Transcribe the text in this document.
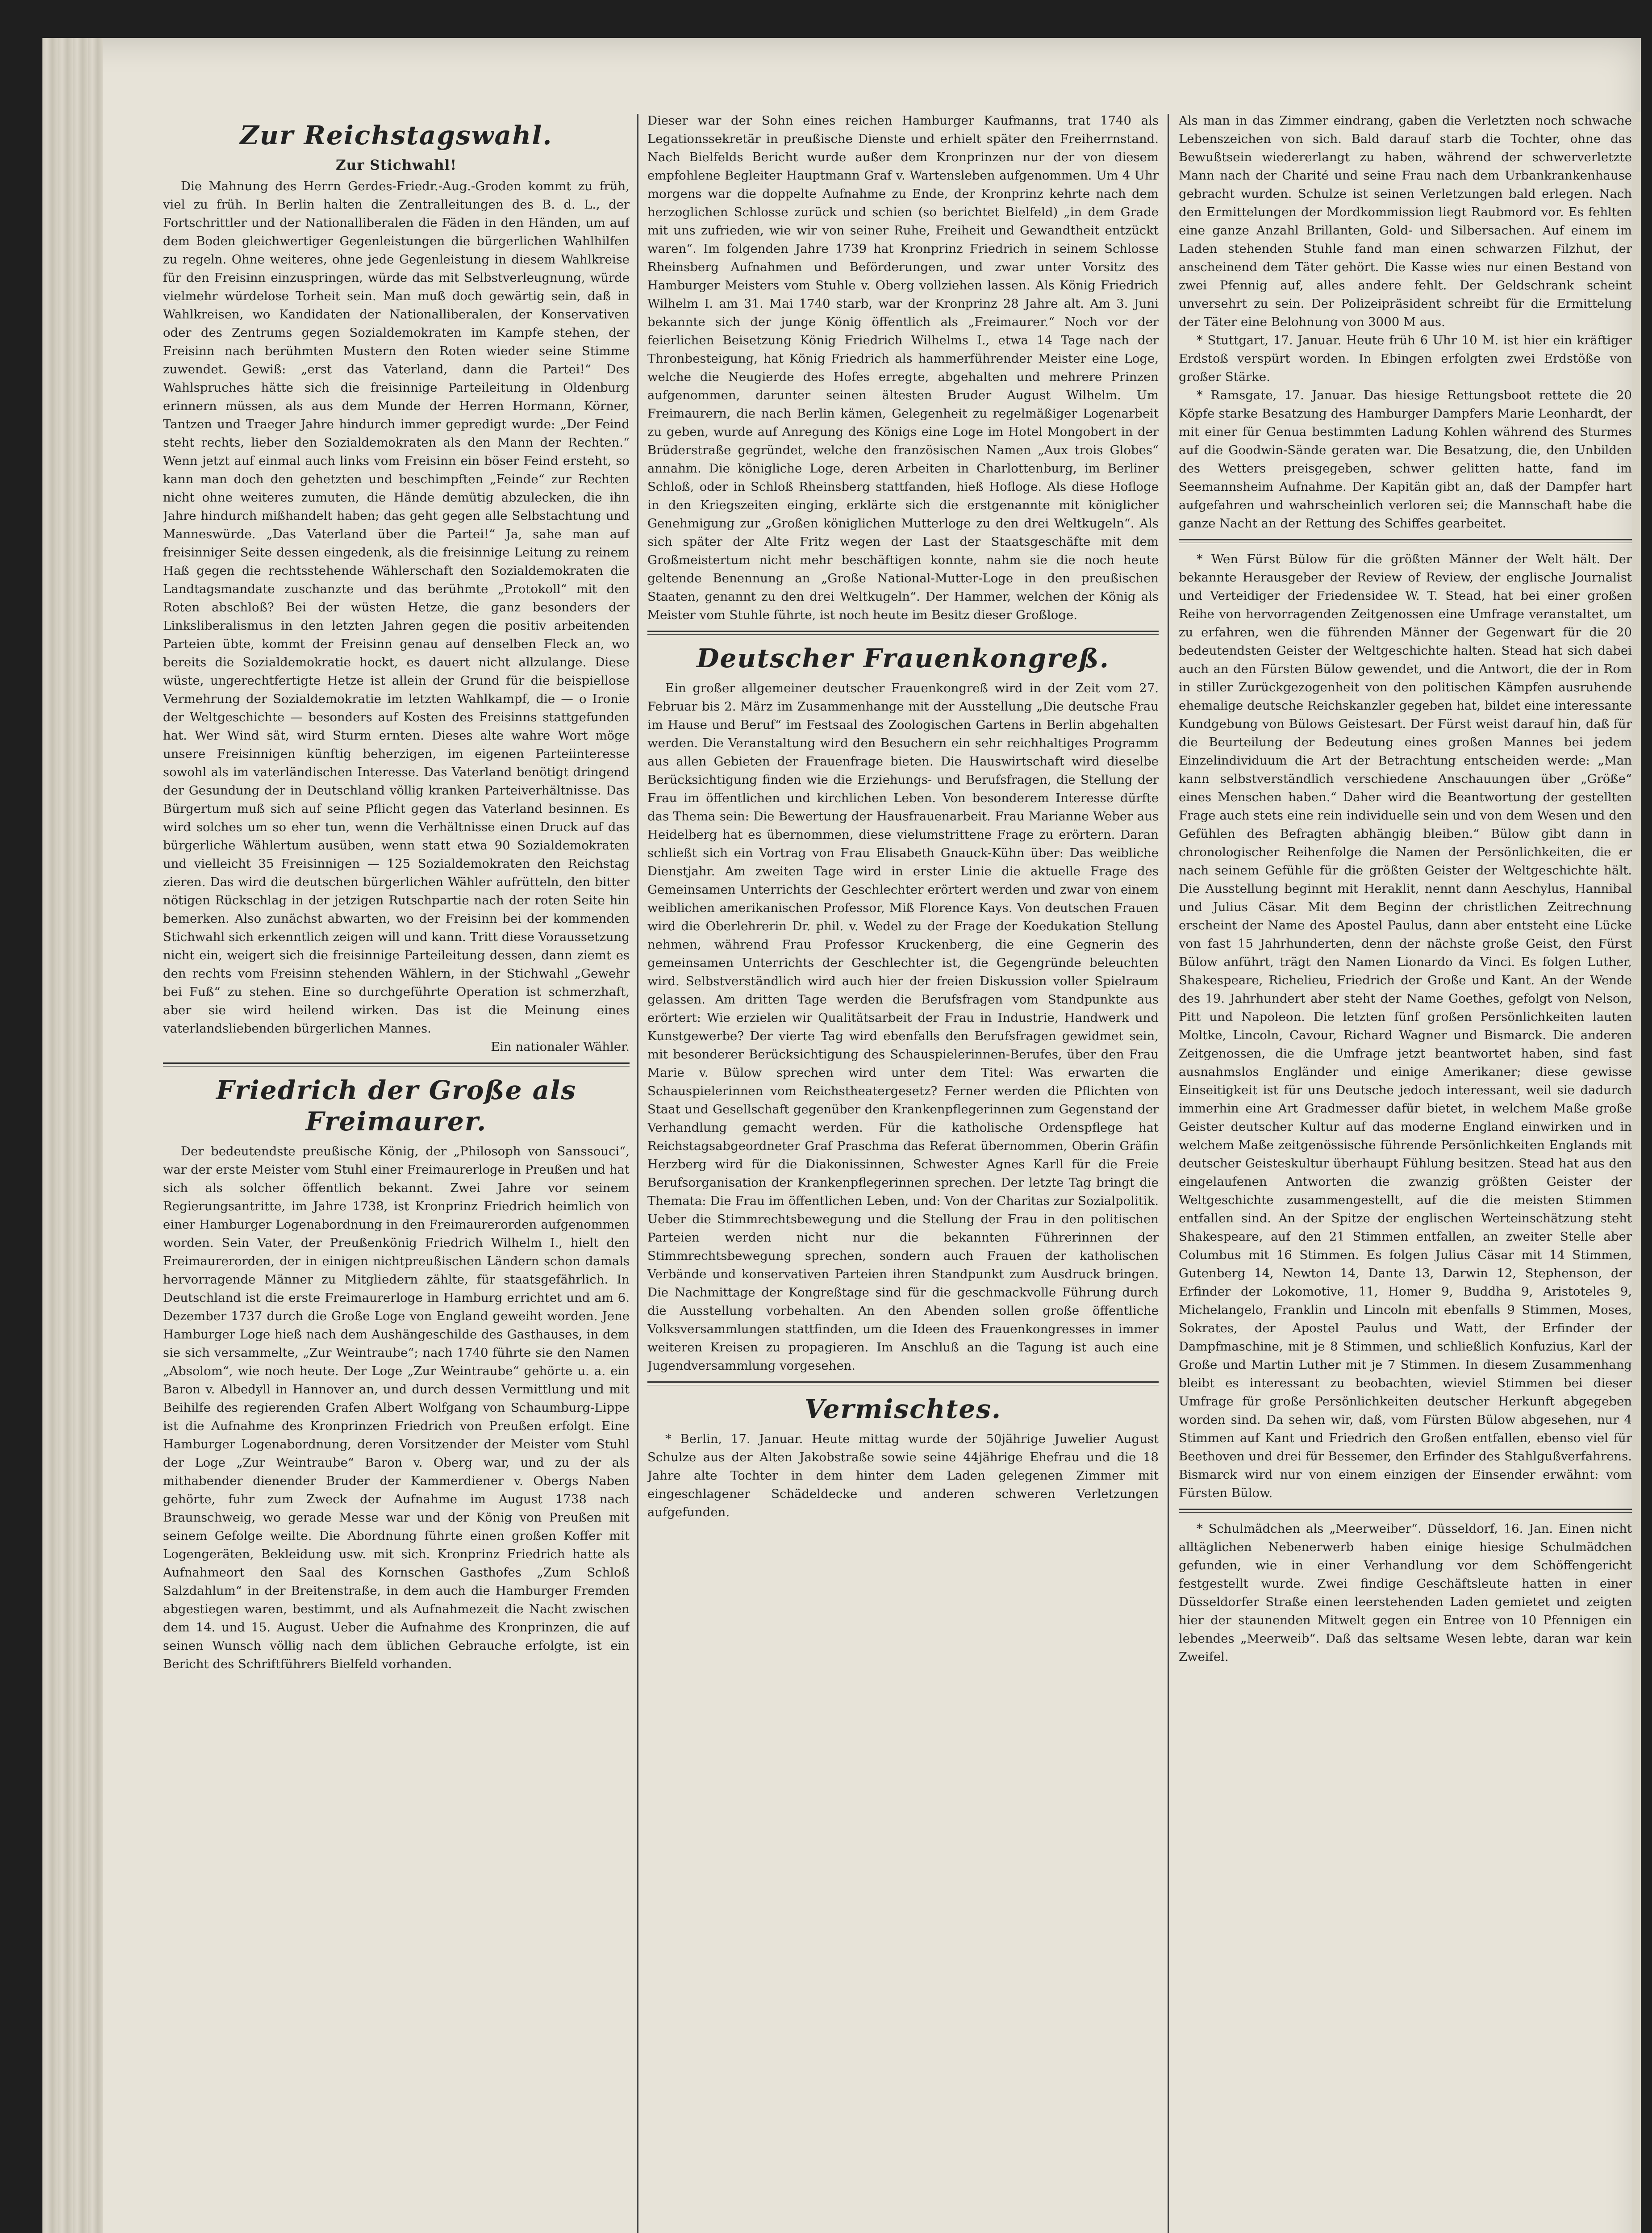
Zur Reichstagswahl.
Zur Stichwahl!

Die Mahnung des Herrn Gerdes-Friedr.-Aug.-Groden kommt zu früh, viel zu früh. In Berlin halten die Zentralleitungen des B. d. L., der Fortschrittler und der Nationalliberalen die Fäden in den Händen, um auf dem Boden gleichwertiger Gegenleistungen die bürgerlichen Wahlhilfen zu regeln. Ohne weiteres, ohne jede Gegenleistung in diesem Wahlkreise für den Freisinn einzuspringen, würde das mit Selbstverleugnung, würde vielmehr würdelose Torheit sein. Man muß doch gewärtig sein, daß in Wahlkreisen, wo Kandidaten der Nationalliberalen, der Konservativen oder des Zentrums gegen Sozialdemokraten im Kampfe stehen, der Freisinn nach berühmten Mustern den Roten wieder seine Stimme zuwendet. Gewiß: „erst das Vaterland, dann die Partei!“ Des Wahlspruches hätte sich die freisinnige Parteileitung in Oldenburg erinnern müssen, als aus dem Munde der Herren Hormann, Körner, Tantzen und Traeger Jahre hindurch immer gepredigt wurde: „Der Feind steht rechts, lieber den Sozialdemokraten als den Mann der Rechten.“ Wenn jetzt auf einmal auch links vom Freisinn ein böser Feind ersteht, so kann man doch den gehetzten und beschimpften „Feinde“ zur Rechten nicht ohne weiteres zumuten, die Hände demütig abzulecken, die ihn Jahre hindurch mißhandelt haben; das geht gegen alle Selbstachtung und Manneswürde. „Das Vaterland über die Partei!“ Ja, sahe man auf freisinniger Seite dessen eingedenk, als die freisinnige Leitung zu reinem Haß gegen die rechtsstehende Wählerschaft den Sozialdemokraten die Landtagsmandate zuschanzte und das berühmte „Protokoll“ mit den Roten abschloß? Bei der wüsten Hetze, die ganz besonders der Linksliberalismus in den letzten Jahren gegen die positiv arbeitenden Parteien übte, kommt der Freisinn genau auf denselben Fleck an, wo bereits die Sozialdemokratie hockt, es dauert nicht allzulange. Diese wüste, ungerechtfertigte Hetze ist allein der Grund für die beispiellose Vermehrung der Sozialdemokratie im letzten Wahlkampf, die — o Ironie der Weltgeschichte — besonders auf Kosten des Freisinns stattgefunden hat. Wer Wind sät, wird Sturm ernten. Dieses alte wahre Wort möge unsere Freisinnigen künftig beherzigen, im eigenen Parteiinteresse sowohl als im vaterländischen Interesse. Das Vaterland benötigt dringend der Gesundung der in Deutschland völlig kranken Parteiverhältnisse. Das Bürgertum muß sich auf seine Pflicht gegen das Vaterland besinnen. Es wird solches um so eher tun, wenn die Verhältnisse einen Druck auf das bürgerliche Wählertum ausüben, wenn statt etwa 90 Sozialdemokraten und vielleicht 35 Freisinnigen — 125 Sozialdemokraten den Reichstag zieren. Das wird die deutschen bürgerlichen Wähler aufrütteln, den bitter nötigen Rückschlag in der jetzigen Rutschpartie nach der roten Seite hin bemerken. Also zunächst abwarten, wo der Freisinn bei der kommenden Stichwahl sich erkenntlich zeigen will und kann. Tritt diese Voraussetzung nicht ein, weigert sich die freisinnige Parteileitung dessen, dann ziemt es den rechts vom Freisinn stehenden Wählern, in der Stichwahl „Gewehr bei Fuß“ zu stehen. Eine so durchgeführte Operation ist schmerzhaft, aber sie wird heilend wirken. Das ist die Meinung eines vaterlandsliebenden bürgerlichen Mannes.

Ein nationaler Wähler.
Friedrich der Große als Freimaurer.

Der bedeutendste preußische König, der „Philosoph von Sanssouci“, war der erste Meister vom Stuhl einer Freimaurerloge in Preußen und hat sich als solcher öffentlich bekannt. Zwei Jahre vor seinem Regierungsantritte, im Jahre 1738, ist Kronprinz Friedrich heimlich von einer Hamburger Logenabordnung in den Freimaurerorden aufgenommen worden. Sein Vater, der Preußenkönig Friedrich Wilhelm I., hielt den Freimaurerorden, der in einigen nichtpreußischen Ländern schon damals hervorragende Männer zu Mitgliedern zählte, für staatsgefährlich. In Deutschland ist die erste Freimaurerloge in Hamburg errichtet und am 6. Dezember 1737 durch die Große Loge von England geweiht worden. Jene Hamburger Loge hieß nach dem Aushängeschilde des Gasthauses, in dem sie sich versammelte, „Zur Weintraube“; nach 1740 führte sie den Namen „Absolom“, wie noch heute. Der Loge „Zur Weintraube“ gehörte u. a. ein Baron v. Albedyll in Hannover an, und durch dessen Vermittlung und mit Beihilfe des regierenden Grafen Albert Wolfgang von Schaumburg-Lippe ist die Aufnahme des Kronprinzen Friedrich von Preußen erfolgt. Eine Hamburger Logenabordnung, deren Vorsitzender der Meister vom Stuhl der Loge „Zur Weintraube“ Baron v. Oberg war, und zu der als mithabender dienender Bruder der Kammerdiener v. Obergs Naben gehörte, fuhr zum Zweck der Aufnahme im August 1738 nach Braunschweig, wo gerade Messe war und der König von Preußen mit seinem Gefolge weilte. Die Abordnung führte einen großen Koffer mit Logengeräten, Bekleidung usw. mit sich. Kronprinz Friedrich hatte als Aufnahmeort den Saal des Kornschen Gasthofes „Zum Schloß Salzdahlum“ in der Breitenstraße, in dem auch die Hamburger Fremden abgestiegen waren, bestimmt, und als Aufnahmezeit die Nacht zwischen dem 14. und 15. August. Ueber die Aufnahme des Kronprinzen, die auf seinen Wunsch völlig nach dem üblichen Gebrauche erfolgte, ist ein Bericht des Schriftführers Bielfeld vorhanden.

Dieser war der Sohn eines reichen Hamburger Kaufmanns, trat 1740 als Legationssekretär in preußische Dienste und erhielt später den Freiherrnstand. Nach Bielfelds Bericht wurde außer dem Kronprinzen nur der von diesem empfohlene Begleiter Hauptmann Graf v. Wartensleben aufgenommen. Um 4 Uhr morgens war die doppelte Aufnahme zu Ende, der Kronprinz kehrte nach dem herzoglichen Schlosse zurück und schien (so berichtet Bielfeld) „in dem Grade mit uns zufrieden, wie wir von seiner Ruhe, Freiheit und Gewandtheit entzückt waren“. Im folgenden Jahre 1739 hat Kronprinz Friedrich in seinem Schlosse Rheinsberg Aufnahmen und Beförderungen, und zwar unter Vorsitz des Hamburger Meisters vom Stuhle v. Oberg vollziehen lassen. Als König Friedrich Wilhelm I. am 31. Mai 1740 starb, war der Kronprinz 28 Jahre alt. Am 3. Juni bekannte sich der junge König öffentlich als „Freimaurer.“ Noch vor der feierlichen Beisetzung König Friedrich Wilhelms I., etwa 14 Tage nach der Thronbesteigung, hat König Friedrich als hammerführender Meister eine Loge, welche die Neugierde des Hofes erregte, abgehalten und mehrere Prinzen aufgenommen, darunter seinen ältesten Bruder August Wilhelm. Um Freimaurern, die nach Berlin kämen, Gelegenheit zu regelmäßiger Logenarbeit zu geben, wurde auf Anregung des Königs eine Loge im Hotel Mongobert in der Brüderstraße gegründet, welche den französischen Namen „Aux trois Globes“ annahm. Die königliche Loge, deren Arbeiten in Charlottenburg, im Berliner Schloß, oder in Schloß Rheinsberg stattfanden, hieß Hofloge. Als diese Hofloge in den Kriegszeiten einging, erklärte sich die erstgenannte mit königlicher Genehmigung zur „Großen königlichen Mutterloge zu den drei Weltkugeln“. Als sich später der Alte Fritz wegen der Last der Staatsgeschäfte mit dem Großmeistertum nicht mehr beschäftigen konnte, nahm sie die noch heute geltende Benennung an „Große National-Mutter-Loge in den preußischen Staaten, genannt zu den drei Weltkugeln“. Der Hammer, welchen der König als Meister vom Stuhle führte, ist noch heute im Besitz dieser Großloge.

Deutscher Frauenkongreß.

Ein großer allgemeiner deutscher Frauenkongreß wird in der Zeit vom 27. Februar bis 2. März im Zusammenhange mit der Ausstellung „Die deutsche Frau im Hause und Beruf“ im Festsaal des Zoologischen Gartens in Berlin abgehalten werden. Die Veranstaltung wird den Besuchern ein sehr reichhaltiges Programm aus allen Gebieten der Frauenfrage bieten. Die Hauswirtschaft wird dieselbe Berücksichtigung finden wie die Erziehungs- und Berufsfragen, die Stellung der Frau im öffentlichen und kirchlichen Leben. Von besonderem Interesse dürfte das Thema sein: Die Bewertung der Hausfrauenarbeit. Frau Marianne Weber aus Heidelberg hat es übernommen, diese vielumstrittene Frage zu erörtern. Daran schließt sich ein Vortrag von Frau Elisabeth Gnauck-Kühn über: Das weibliche Dienstjahr. Am zweiten Tage wird in erster Linie die aktuelle Frage des Gemeinsamen Unterrichts der Geschlechter erörtert werden und zwar von einem weiblichen amerikanischen Professor, Miß Florence Kays. Von deutschen Frauen wird die Oberlehrerin Dr. phil. v. Wedel zu der Frage der Koedukation Stellung nehmen, während Frau Professor Kruckenberg, die eine Gegnerin des gemeinsamen Unterrichts der Geschlechter ist, die Gegengründe beleuchten wird. Selbstverständlich wird auch hier der freien Diskussion voller Spielraum gelassen. Am dritten Tage werden die Berufsfragen vom Standpunkte aus erörtert: Wie erzielen wir Qualitätsarbeit der Frau in Industrie, Handwerk und Kunstgewerbe? Der vierte Tag wird ebenfalls den Berufsfragen gewidmet sein, mit besonderer Berücksichtigung des Schauspielerinnen-Berufes, über den Frau Marie v. Bülow sprechen wird unter dem Titel: Was erwarten die Schauspielerinnen vom Reichstheatergesetz? Ferner werden die Pflichten von Staat und Gesellschaft gegenüber den Krankenpflegerinnen zum Gegenstand der Verhandlung gemacht werden. Für die katholische Ordenspflege hat Reichstagsabgeordneter Graf Praschma das Referat übernommen, Oberin Gräfin Herzberg wird für die Diakonissinnen, Schwester Agnes Karll für die Freie Berufsorganisation der Krankenpflegerinnen sprechen. Der letzte Tag bringt die Themata: Die Frau im öffentlichen Leben, und: Von der Charitas zur Sozialpolitik. Ueber die Stimmrechtsbewegung und die Stellung der Frau in den politischen Parteien werden nicht nur die bekannten Führerinnen der Stimmrechtsbewegung sprechen, sondern auch Frauen der katholischen Verbände und konservativen Parteien ihren Standpunkt zum Ausdruck bringen. Die Nachmittage der Kongreßtage sind für die geschmackvolle Führung durch die Ausstellung vorbehalten. An den Abenden sollen große öffentliche Volksversammlungen stattfinden, um die Ideen des Frauenkongresses in immer weiteren Kreisen zu propagieren. Im Anschluß an die Tagung ist auch eine Jugendversammlung vorgesehen.

Vermischtes.

* Berlin, 17. Januar. Heute mittag wurde der 50jährige Juwelier August Schulze aus der Alten Jakobstraße sowie seine 44jährige Ehefrau und die 18 Jahre alte Tochter in dem hinter dem Laden gelegenen Zimmer mit eingeschlagener Schädeldecke und anderen schweren Verletzungen aufgefunden.

Als man in das Zimmer eindrang, gaben die Verletzten noch schwache Lebenszeichen von sich. Bald darauf starb die Tochter, ohne das Bewußtsein wiedererlangt zu haben, während der schwerverletzte Mann nach der Charité und seine Frau nach dem Urbankrankenhause gebracht wurden. Schulze ist seinen Verletzungen bald erlegen. Nach den Ermittelungen der Mordkommission liegt Raubmord vor. Es fehlten eine ganze Anzahl Brillanten, Gold- und Silbersachen. Auf einem im Laden stehenden Stuhle fand man einen schwarzen Filzhut, der anscheinend dem Täter gehört. Die Kasse wies nur einen Bestand von zwei Pfennig auf, alles andere fehlt. Der Geldschrank scheint unversehrt zu sein. Der Polizeipräsident schreibt für die Ermittelung der Täter eine Belohnung von 3000 M aus.

* Stuttgart, 17. Januar. Heute früh 6 Uhr 10 M. ist hier ein kräftiger Erdstoß verspürt worden. In Ebingen erfolgten zwei Erdstöße von großer Stärke.

* Ramsgate, 17. Januar. Das hiesige Rettungsboot rettete die 20 Köpfe starke Besatzung des Hamburger Dampfers Marie Leonhardt, der mit einer für Genua bestimmten Ladung Kohlen während des Sturmes auf die Goodwin-Sände geraten war. Die Besatzung, die, den Unbilden des Wetters preisgegeben, schwer gelitten hatte, fand im Seemannsheim Aufnahme. Der Kapitän gibt an, daß der Dampfer hart aufgefahren und wahrscheinlich verloren sei; die Mannschaft habe die ganze Nacht an der Rettung des Schiffes gearbeitet.

* Wen Fürst Bülow für die größten Männer der Welt hält. Der bekannte Herausgeber der Review of Review, der englische Journalist und Verteidiger der Friedensidee W. T. Stead, hat bei einer großen Reihe von hervorragenden Zeitgenossen eine Umfrage veranstaltet, um zu erfahren, wen die führenden Männer der Gegenwart für die 20 bedeutendsten Geister der Weltgeschichte halten. Stead hat sich dabei auch an den Fürsten Bülow gewendet, und die Antwort, die der in Rom in stiller Zurückgezogenheit von den politischen Kämpfen ausruhende ehemalige deutsche Reichskanzler gegeben hat, bildet eine interessante Kundgebung von Bülows Geistesart. Der Fürst weist darauf hin, daß für die Beurteilung der Bedeutung eines großen Mannes bei jedem Einzelindividuum die Art der Betrachtung entscheiden werde: „Man kann selbstverständlich verschiedene Anschauungen über „Größe“ eines Menschen haben.“ Daher wird die Beantwortung der gestellten Frage auch stets eine rein individuelle sein und von dem Wesen und den Gefühlen des Befragten abhängig bleiben.“ Bülow gibt dann in chronologischer Reihenfolge die Namen der Persönlichkeiten, die er nach seinem Gefühle für die größten Geister der Weltgeschichte hält. Die Ausstellung beginnt mit Heraklit, nennt dann Aeschylus, Hannibal und Julius Cäsar. Mit dem Beginn der christlichen Zeitrechnung erscheint der Name des Apostel Paulus, dann aber entsteht eine Lücke von fast 15 Jahrhunderten, denn der nächste große Geist, den Fürst Bülow anführt, trägt den Namen Lionardo da Vinci. Es folgen Luther, Shakespeare, Richelieu, Friedrich der Große und Kant. An der Wende des 19. Jahrhundert aber steht der Name Goethes, gefolgt von Nelson, Pitt und Napoleon. Die letzten fünf großen Persönlichkeiten lauten Moltke, Lincoln, Cavour, Richard Wagner und Bismarck. Die anderen Zeitgenossen, die die Umfrage jetzt beantwortet haben, sind fast ausnahmslos Engländer und einige Amerikaner; diese gewisse Einseitigkeit ist für uns Deutsche jedoch interessant, weil sie dadurch immerhin eine Art Gradmesser dafür bietet, in welchem Maße große Geister deutscher Kultur auf das moderne England einwirken und in welchem Maße zeitgenössische führende Persönlichkeiten Englands mit deutscher Geisteskultur überhaupt Fühlung besitzen. Stead hat aus den eingelaufenen Antworten die zwanzig größten Geister der Weltgeschichte zusammengestellt, auf die die meisten Stimmen entfallen sind. An der Spitze der englischen Werteinschätzung steht Shakespeare, auf den 21 Stimmen entfallen, an zweiter Stelle aber Columbus mit 16 Stimmen. Es folgen Julius Cäsar mit 14 Stimmen, Gutenberg 14, Newton 14, Dante 13, Darwin 12, Stephenson, der Erfinder der Lokomotive, 11, Homer 9, Buddha 9, Aristoteles 9, Michelangelo, Franklin und Lincoln mit ebenfalls 9 Stimmen, Moses, Sokrates, der Apostel Paulus und Watt, der Erfinder der Dampfmaschine, mit je 8 Stimmen, und schließlich Konfuzius, Karl der Große und Martin Luther mit je 7 Stimmen. In diesem Zusammenhang bleibt es interessant zu beobachten, wieviel Stimmen bei dieser Umfrage für große Persönlichkeiten deutscher Herkunft abgegeben worden sind. Da sehen wir, daß, vom Fürsten Bülow abgesehen, nur 4 Stimmen auf Kant und Friedrich den Großen entfallen, ebenso viel für Beethoven und drei für Bessemer, den Erfinder des Stahlgußverfahrens. Bismarck wird nur von einem einzigen der Einsender erwähnt: vom Fürsten Bülow.

* Schulmädchen als „Meerweiber“. Düsseldorf, 16. Jan. Einen nicht alltäglichen Nebenerwerb haben einige hiesige Schulmädchen gefunden, wie in einer Verhandlung vor dem Schöffengericht festgestellt wurde. Zwei findige Geschäftsleute hatten in einer Düsseldorfer Straße einen leerstehenden Laden gemietet und zeigten hier der staunenden Mitwelt gegen ein Entree von 10 Pfennigen ein lebendes „Meerweib“. Daß das seltsame Wesen lebte, daran war kein Zweifel.
